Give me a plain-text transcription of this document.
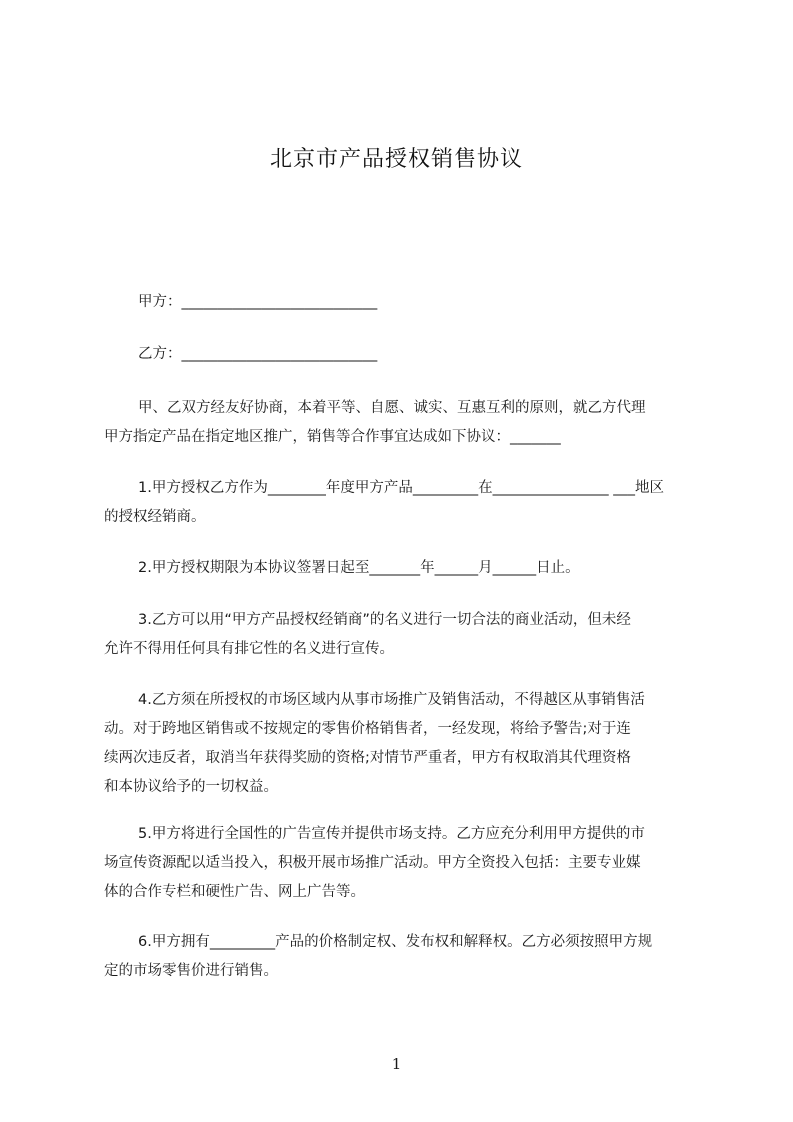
北京市产品授权销售协议
甲方：___________________________
乙方：___________________________
甲、乙双方经友好协商，本着平等、自愿、诚实、互惠互利的原则，就乙方代理
甲方指定产品在指定地区推广，销售等合作事宜达成如下协议：_______
1.甲方授权乙方作为________年度甲方产品_________在________________ ___地区
的授权经销商。
2.甲方授权期限为本协议签署日起至_______年______月______日止。
3.乙方可以用“甲方产品授权经销商”的名义进行一切合法的商业活动，但未经
允许不得用任何具有排它性的名义进行宣传。
4.乙方须在所授权的市场区域内从事市场推广及销售活动，不得越区从事销售活
动。对于跨地区销售或不按规定的零售价格销售者，一经发现，将给予警告;对于连
续两次违反者，取消当年获得奖励的资格;对情节严重者，甲方有权取消其代理资格
和本协议给予的一切权益。
5.甲方将进行全国性的广告宣传并提供市场支持。乙方应充分利用甲方提供的市
场宣传资源配以适当投入，积极开展市场推广活动。甲方全资投入包括：主要专业媒
体的合作专栏和硬性广告、网上广告等。
6.甲方拥有_________产品的价格制定权、发布权和解释权。乙方必须按照甲方规
定的市场零售价进行销售。
1
